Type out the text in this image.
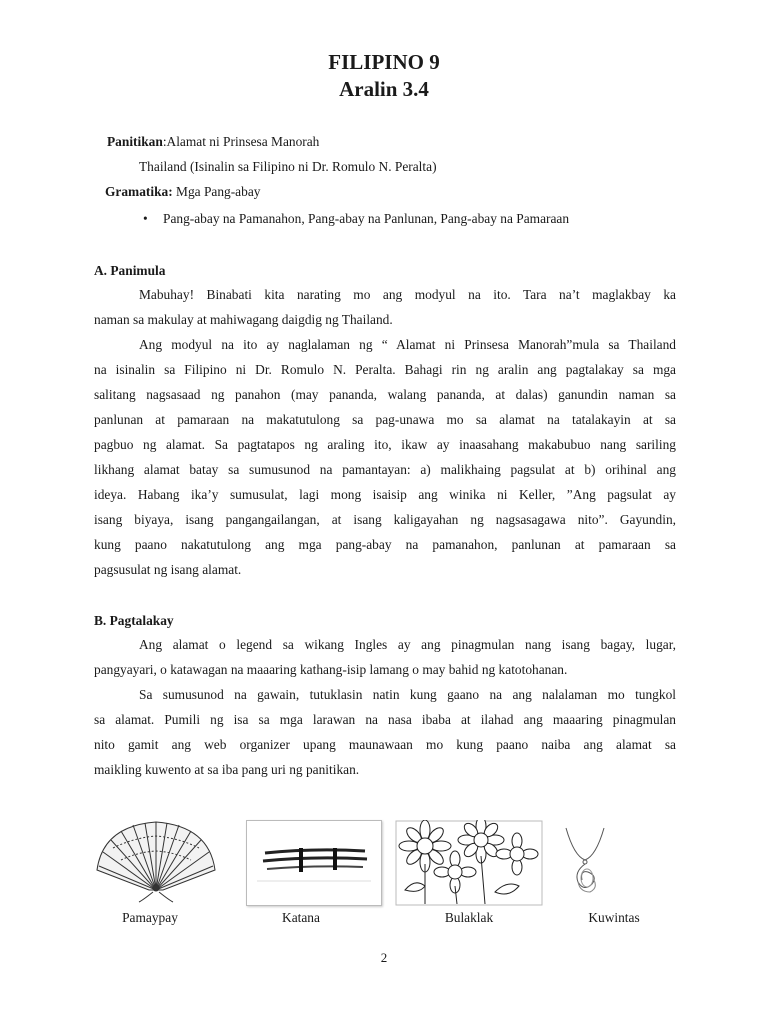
FILIPINO 9
Aralin 3.4
Panitikan:Alamat ni Prinsesa Manorah
Thailand (Isinalin sa Filipino ni Dr. Romulo N. Peralta)
Gramatika: Mga Pang-abay
• Pang-abay na Pamanahon, Pang-abay na Panlunan, Pang-abay na Pamaraan
A. Panimula
Mabuhay! Binabati kita narating mo ang modyul na ito. Tara na’t maglakbay ka
naman sa makulay at mahiwagang daigdig ng Thailand.
Ang modyul na ito ay naglalaman ng “ Alamat ni Prinsesa Manorah”mula sa Thailand
na isinalin sa Filipino ni Dr. Romulo N. Peralta. Bahagi rin ng aralin ang pagtalakay sa mga
salitang nagsasaad ng panahon (may pananda, walang pananda, at dalas) ganundin naman sa
panlunan at pamaraan na makatutulong sa pag-unawa mo sa alamat na tatalakayin at sa
pagbuo ng alamat. Sa pagtatapos ng araling ito, ikaw ay inaasahang makabubuo nang sariling
likhang alamat batay sa sumusunod na pamantayan: a) malikhaing pagsulat at b) orihinal ang
ideya. Habang ika’y sumusulat, lagi mong isaisip ang winika ni Keller, ”Ang pagsulat ay
isang biyaya, isang pangangailangan, at isang kaligayahan ng nagsasagawa nito”. Gayundin,
kung paano nakatutulong ang mga pang-abay na pamanahon, panlunan at pamaraan sa
pagsusulat ng isang alamat.
B. Pagtalakay
Ang alamat o legend sa wikang Ingles ay ang pinagmulan nang isang bagay, lugar,
pangyayari, o katawagan na maaaring kathang-isip lamang o may bahid ng katotohanan.
Sa sumusunod na gawain, tutuklasin natin kung gaano na ang nalalaman mo tungkol
sa alamat. Pumili ng isa sa mga larawan na nasa ibaba at ilahad ang maaaring pinagmulan
nito gamit ang web organizer upang maunawaan mo kung paano naiba ang alamat sa
maikling kuwento at sa iba pang uri ng panitikan.
Pamaypay	Katana	Bulaklak	Kuwintas
2
